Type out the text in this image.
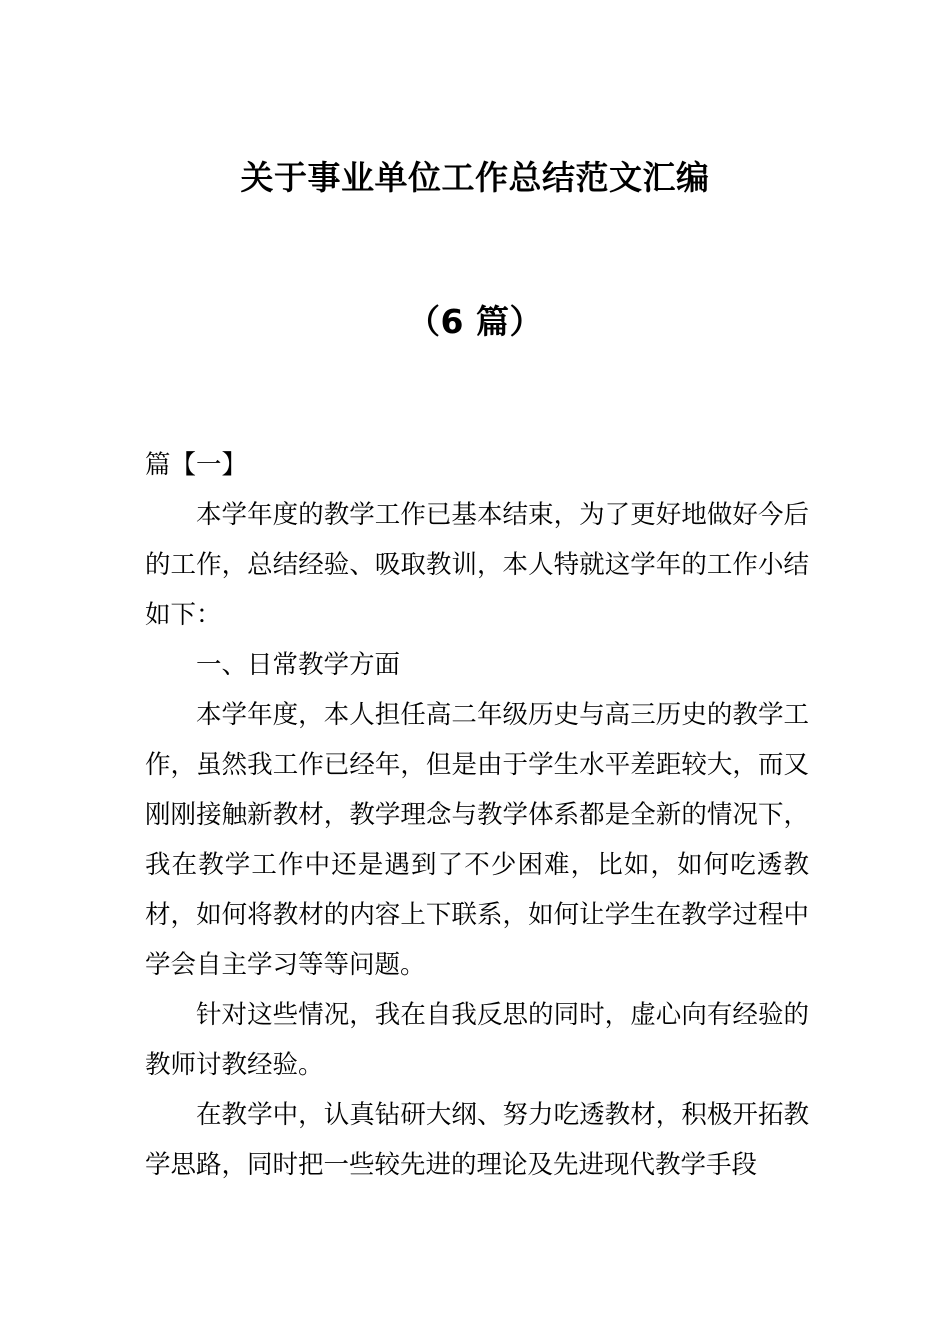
关于事业单位工作总结范文汇编
（6 篇）

篇【一】

本学年度的教学工作已基本结束，为了更好地做好今后的工作，总结经验、吸取教训，本人特就这学年的工作小结如下：

一、日常教学方面

本学年度，本人担任高二年级历史与高三历史的教学工作，虽然我工作已经年，但是由于学生水平差距较大，而又刚刚接触新教材，教学理念与教学体系都是全新的情况下，我在教学工作中还是遇到了不少困难，比如，如何吃透教材，如何将教材的内容上下联系，如何让学生在教学过程中学会自主学习等等问题。

针对这些情况，我在自我反思的同时，虚心向有经验的教师讨教经验。

在教学中，认真钻研大纲、努力吃透教材，积极开拓教学思路，同时把一些较先进的理论及先进现代教学手段
